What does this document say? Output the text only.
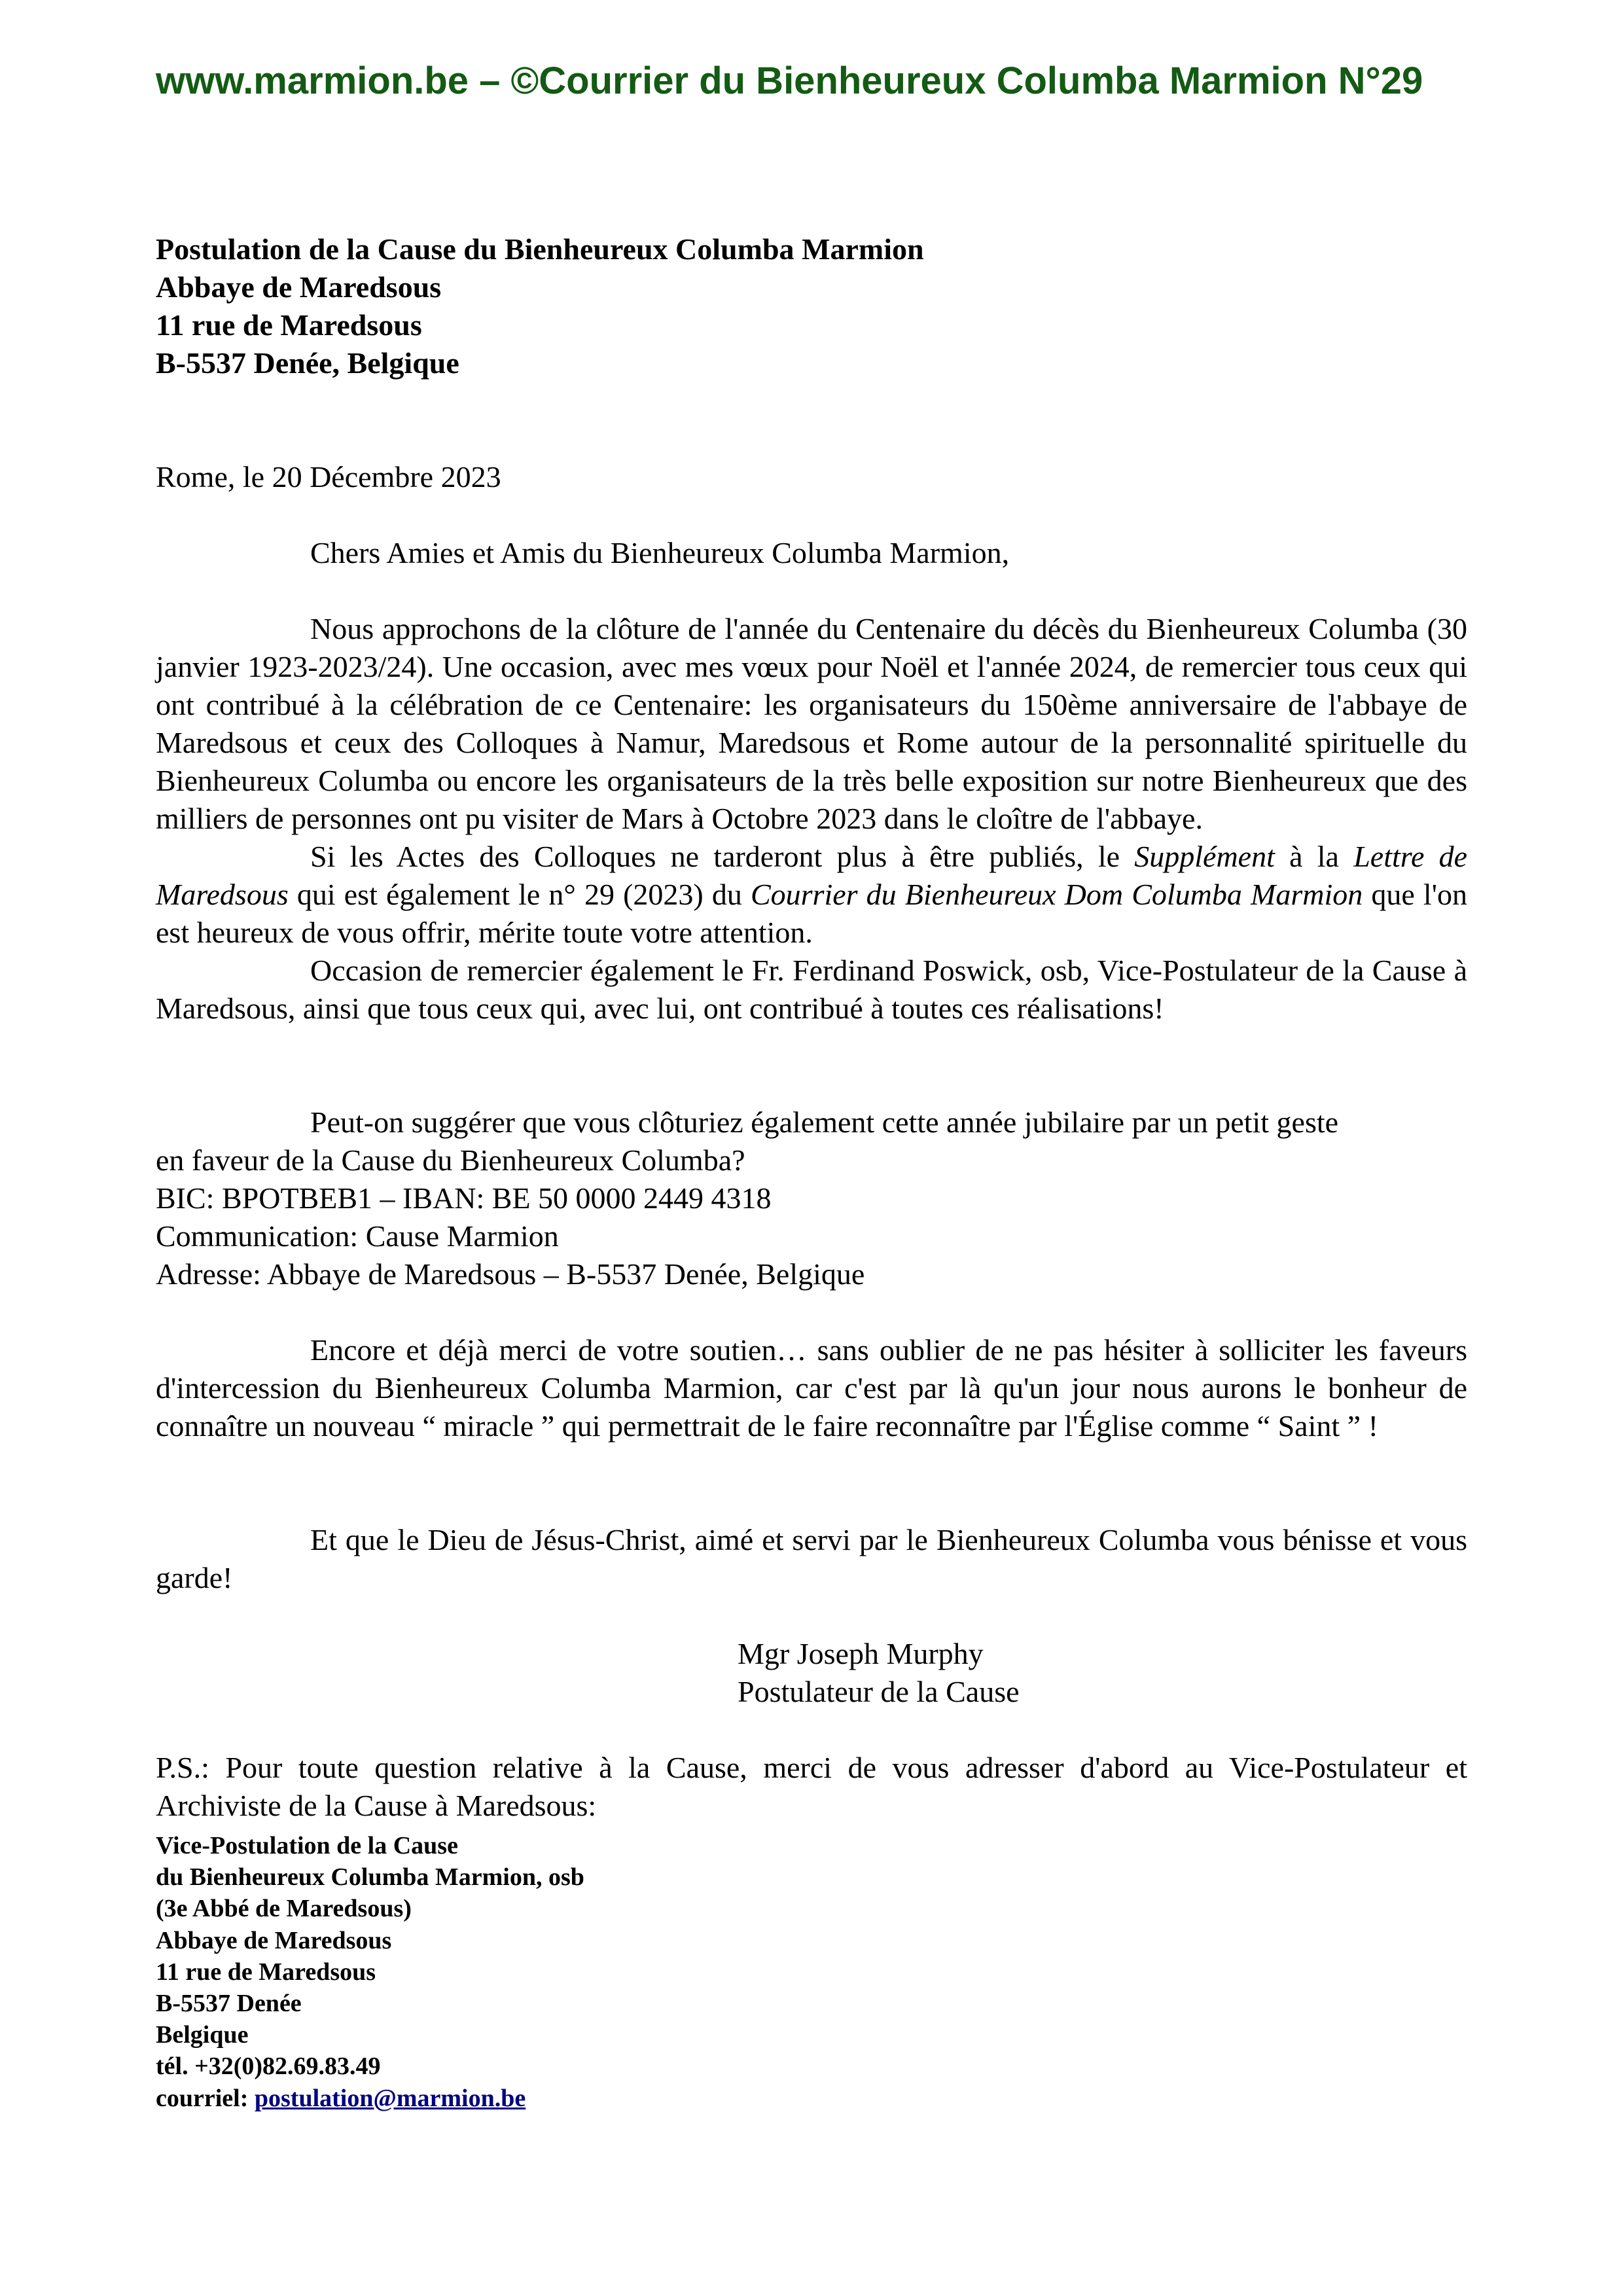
www.marmion.be – ©Courrier du Bienheureux Columba Marmion N°29
Postulation de la Cause du Bienheureux Columba Marmion
Abbaye de Maredsous
11 rue de Maredsous
B-5537 Denée, Belgique
Rome, le 20 Décembre 2023
Chers Amies et Amis du Bienheureux Columba Marmion,

Nous approchons de la clôture de l'année du Centenaire du décès du Bienheureux Columba (30 janvier 1923-2023/24). Une occasion, avec mes vœux pour Noël et l'année 2024, de remercier tous ceux qui ont contribué à la célébration de ce Centenaire: les organisateurs du 150ème anniversaire de l'abbaye de Maredsous et ceux des Colloques à Namur, Maredsous et Rome autour de la personnalité spirituelle du Bienheureux Columba ou encore les organisateurs de la très belle exposition sur notre Bienheureux que des milliers de personnes ont pu visiter de Mars à Octobre 2023 dans le cloître de l'abbaye.

Si les Actes des Colloques ne tarderont plus à être publiés, le Supplément à la Lettre de Maredsous qui est également le n° 29 (2023) du Courrier du Bienheureux Dom Columba Marmion que l'on est heureux de vous offrir, mérite toute votre attention.

Occasion de remercier également le Fr. Ferdinand Poswick, osb, Vice-Postulateur de la Cause à Maredsous, ainsi que tous ceux qui, avec lui, ont contribué à toutes ces réalisations!

Peut-on suggérer que vous clôturiez également cette année jubilaire par un petit geste
en faveur de la Cause du Bienheureux Columba?
BIC: BPOTBEB1 – IBAN: BE 50 0000 2449 4318
Communication: Cause Marmion
Adresse: Abbaye de Maredsous – B-5537 Denée, Belgique

Encore et déjà merci de votre soutien… sans oublier de ne pas hésiter à solliciter les faveurs d'intercession du Bienheureux Columba Marmion, car c'est par là qu'un jour nous aurons le bonheur de connaître un nouveau “ miracle ” qui permettrait de le faire reconnaître par l'Église comme “ Saint ” !

Et que le Dieu de Jésus-Christ, aimé et servi par le Bienheureux Columba vous bénisse et vous garde!

Mgr Joseph Murphy
Postulateur de la Cause
P.S.: Pour toute question relative à la Cause, merci de vous adresser d'abord au Vice-Postulateur et Archiviste de la Cause à Maredsous:
Vice-Postulation de la Cause
du Bienheureux Columba Marmion, osb
(3e Abbé de Maredsous)
Abbaye de Maredsous
11 rue de Maredsous
B-5537 Denée
Belgique
tél. +32(0)82.69.83.49
courriel: postulation@marmion.be
